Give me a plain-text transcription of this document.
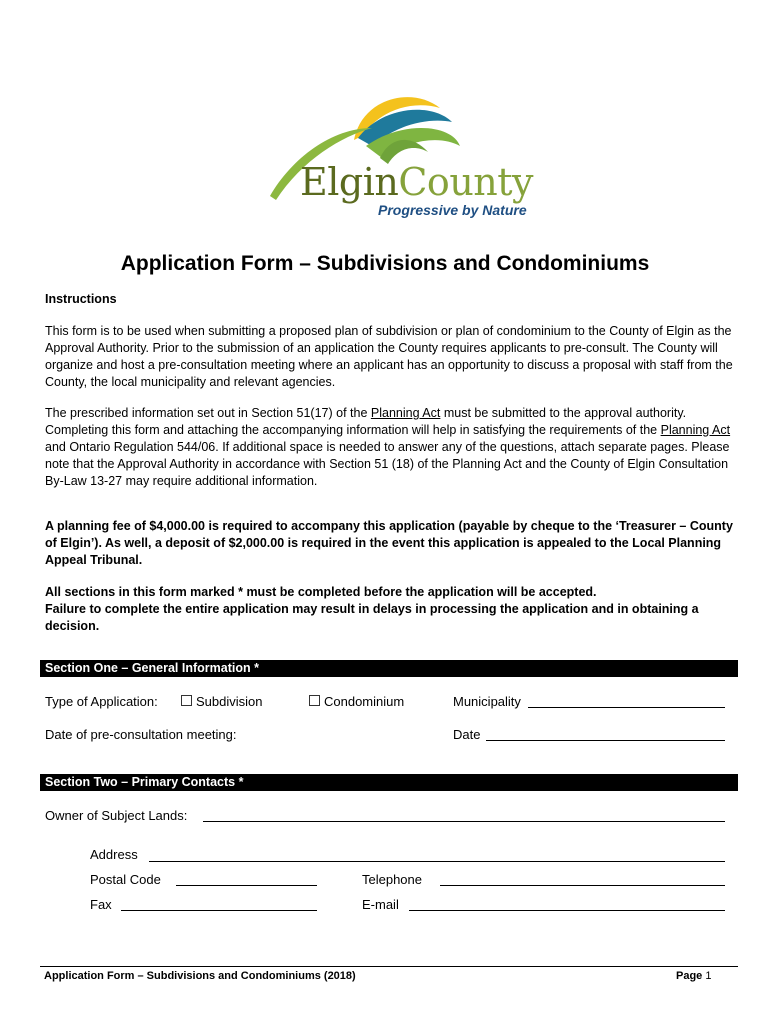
ElginCounty
Progressive by Nature
Application Form – Subdivisions and Condominiums
Instructions
This form is to be used when submitting a proposed plan of subdivision or plan of condominium to the County of Elgin as the Approval Authority. Prior to the submission of an application the County requires applicants to pre-consult. The County will organize and host a pre-consultation meeting where an applicant has an opportunity to discuss a proposal with staff from the County, the local municipality and relevant agencies.
The prescribed information set out in Section 51(17) of the Planning Act must be submitted to the approval authority. Completing this form and attaching the accompanying information will help in satisfying the requirements of the Planning Act and Ontario Regulation 544/06. If additional space is needed to answer any of the questions, attach separate pages. Please note that the Approval Authority in accordance with Section 51 (18) of the Planning Act and the County of Elgin Consultation By-Law 13-27 may require additional information.
A planning fee of $4,000.00 is required to accompany this application (payable by cheque to the ‘Treasurer – County of Elgin’). As well, a deposit of $2,000.00 is required in the event this application is appealed to the Local Planning Appeal Tribunal.
All sections in this form marked * must be completed before the application will be accepted.
Failure to complete the entire application may result in delays in processing the application and in obtaining a decision.
Section One – General Information *
Type of Application:	Subdivision	Condominium	Municipality
Date of pre-consultation meeting:	Date
Section Two – Primary Contacts *
Owner of Subject Lands:
Address
Postal Code	Telephone
Fax	E-mail
Application Form – Subdivisions and Condominiums (2018)	Page 1
